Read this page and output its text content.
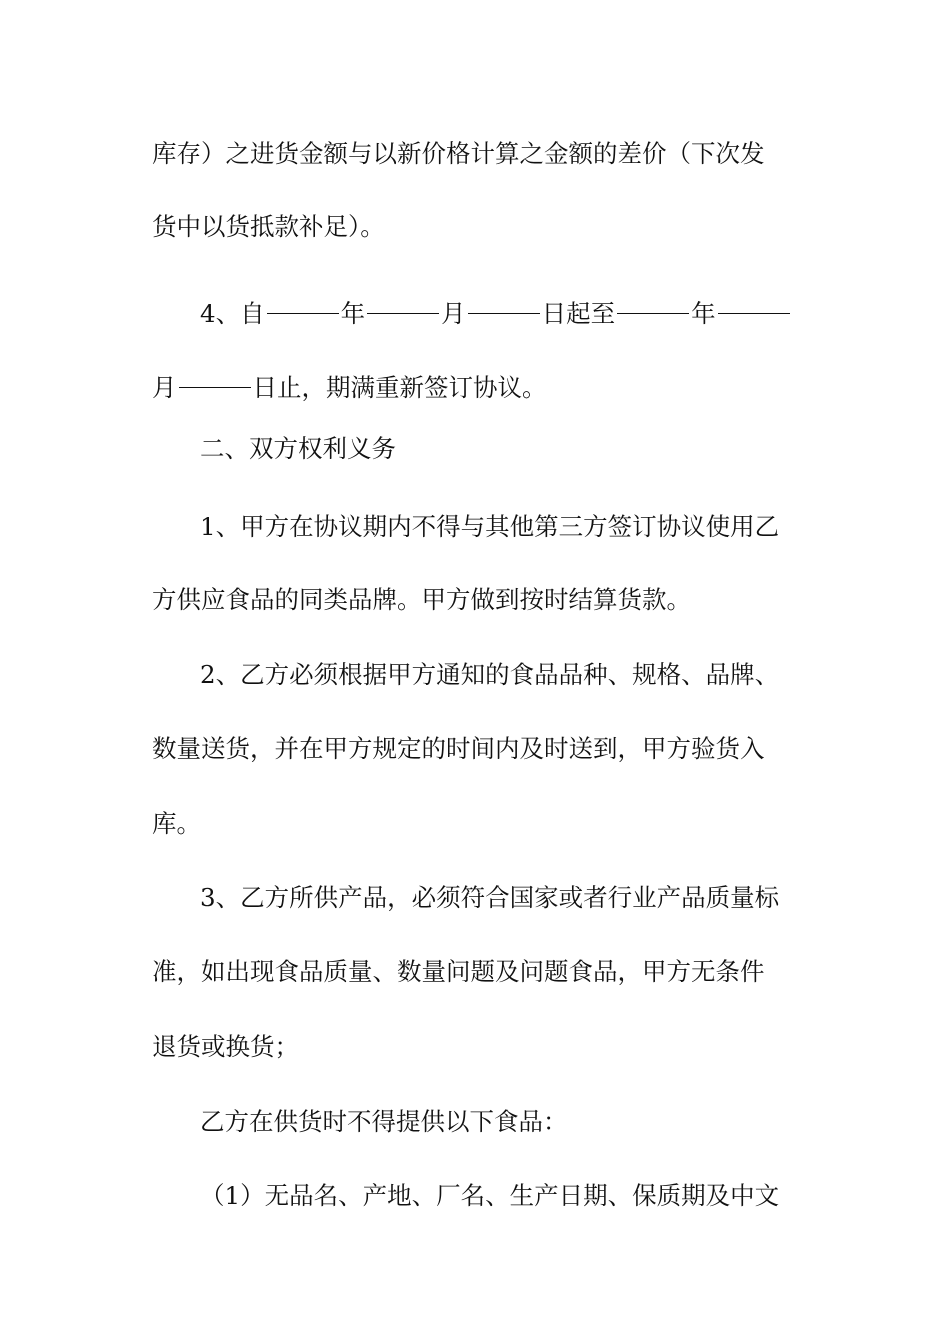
库存）之进货金额与以新价格计算之金额的差价（下次发
货中以货抵款补足）。
4、自	年	月	日起至	年
月	日止，期满重新签订协议。
二、双方权利义务
1、甲方在协议期内不得与其他第三方签订协议使用乙
方供应食品的同类品牌。甲方做到按时结算货款。
2、乙方必须根据甲方通知的食品品种、规格、品牌、
数量送货，并在甲方规定的时间内及时送到，甲方验货入
库。
3、乙方所供产品，必须符合国家或者行业产品质量标
准，如出现食品质量、数量问题及问题食品，甲方无条件
退货或换货；
乙方在供货时不得提供以下食品：
（1）无品名、产地、厂名、生产日期、保质期及中文
